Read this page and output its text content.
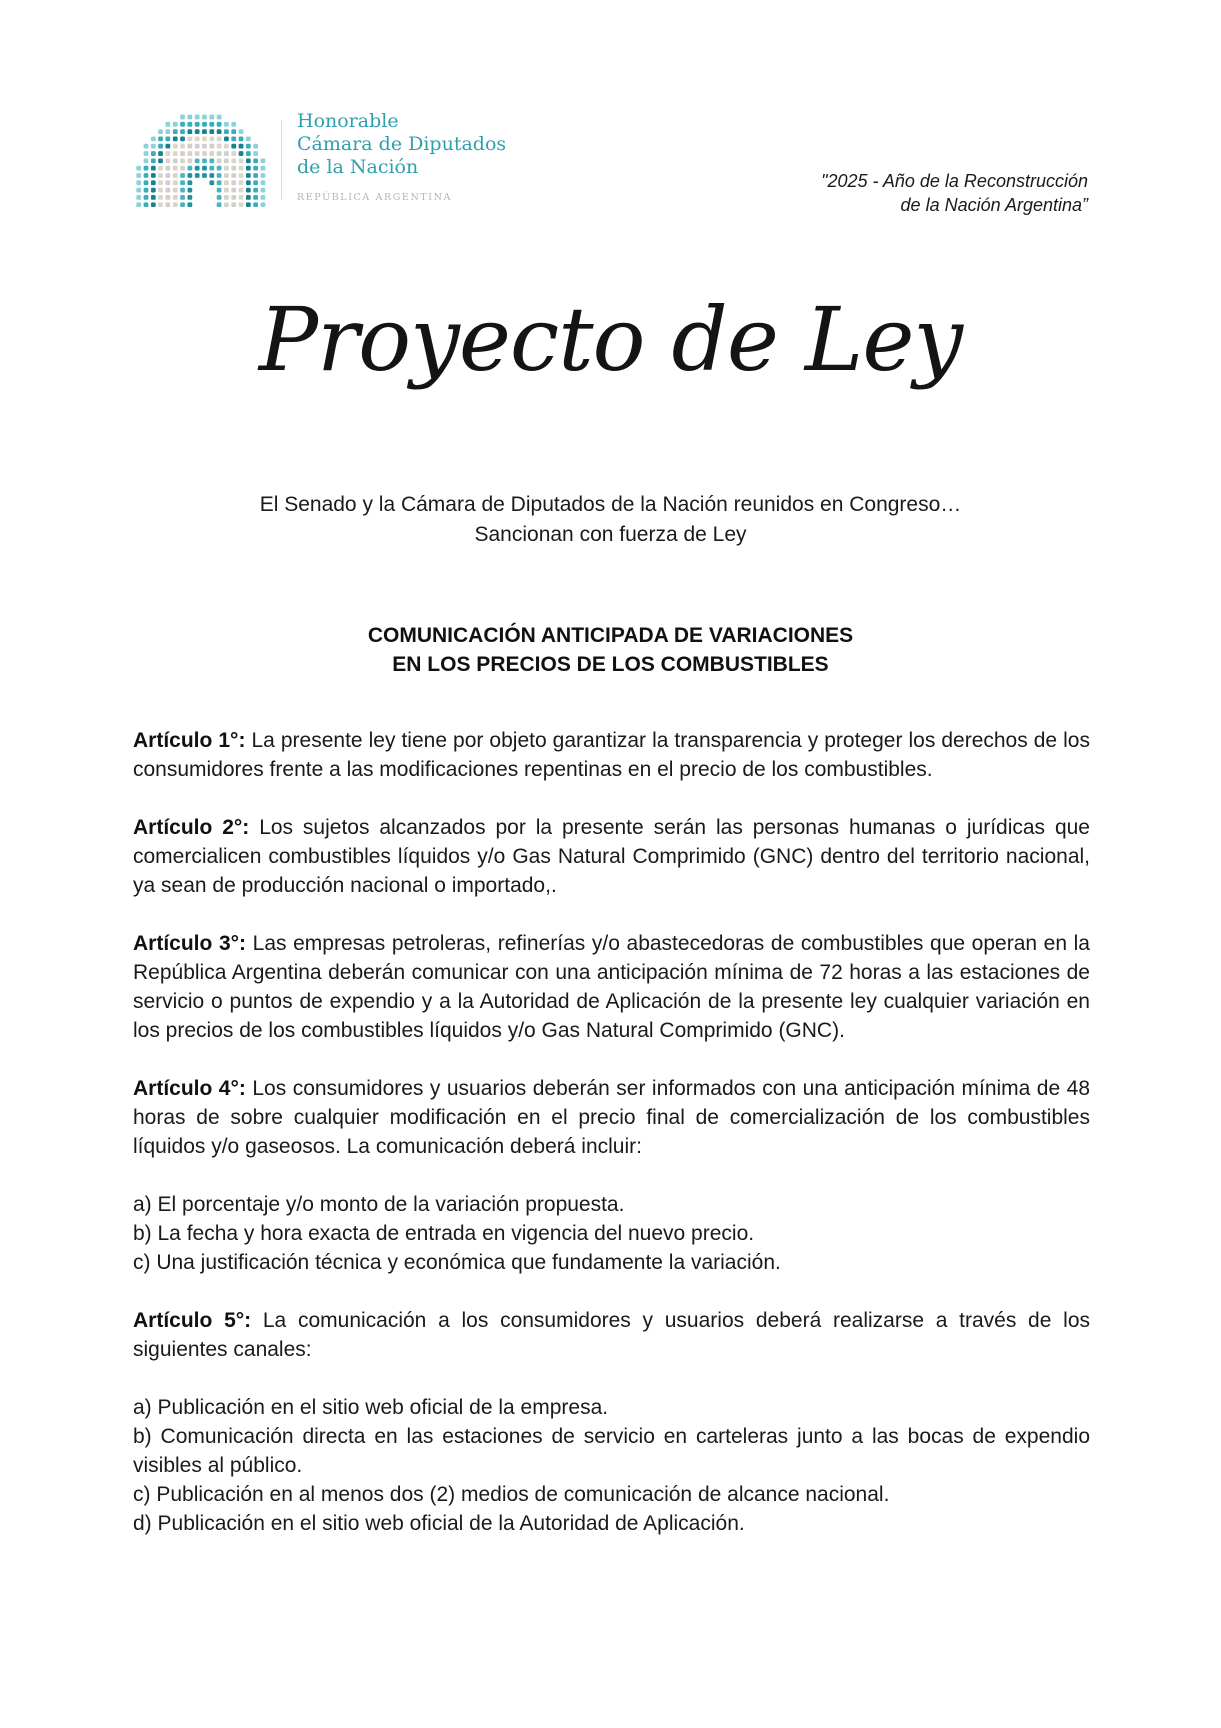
Honorable
Cámara de Diputados
de la Nación
REPÚBLICA ARGENTINA
"2025 - Año de la Reconstrucción
de la Nación Argentina”
Proyecto de Ley
El Senado y la Cámara de Diputados de la Nación reunidos en Congreso…
Sancionan con fuerza de Ley
COMUNICACIÓN ANTICIPADA DE VARIACIONES
EN LOS PRECIOS DE LOS COMBUSTIBLES

Artículo 1°: La presente ley tiene por objeto garantizar la transparencia y proteger los derechos de los consumidores frente a las modificaciones repentinas en el precio de los combustibles.

Artículo 2°: Los sujetos alcanzados por la presente serán las personas humanas o jurídicas que comercialicen combustibles líquidos y/o Gas Natural Comprimido (GNC) dentro del territorio nacional, ya sean de producción nacional o importado,.

Artículo 3°: Las empresas petroleras, refinerías y/o abastecedoras de combustibles que operan en la República Argentina deberán comunicar con una anticipación mínima de 72 horas a las estaciones de servicio o puntos de expendio y a la Autoridad de Aplicación de la presente ley cualquier variación en los precios de los combustibles líquidos y/o Gas Natural Comprimido (GNC).

Artículo 4°: Los consumidores y usuarios deberán ser informados con una anticipación mínima de 48 horas de sobre cualquier modificación en el precio final de comercialización de los combustibles líquidos y/o gaseosos. La comunicación deberá incluir:

a) El porcentaje y/o monto de la variación propuesta.

b) La fecha y hora exacta de entrada en vigencia del nuevo precio.

c) Una justificación técnica y económica que fundamente la variación.

Artículo 5°: La comunicación a los consumidores y usuarios deberá realizarse a través de los siguientes canales:

a) Publicación en el sitio web oficial de la empresa.

b) Comunicación directa en las estaciones de servicio en carteleras junto a las bocas de expendio visibles al público.

c) Publicación en al menos dos (2) medios de comunicación de alcance nacional.

d) Publicación en el sitio web oficial de la Autoridad de Aplicación.
